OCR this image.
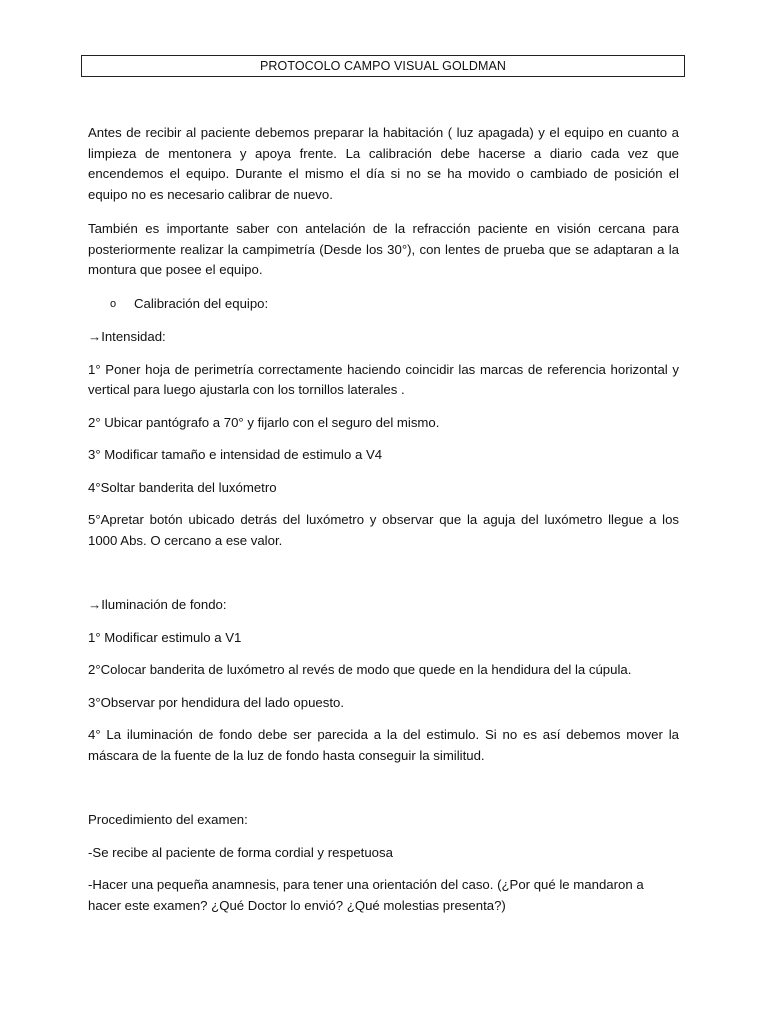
PROTOCOLO CAMPO VISUAL GOLDMAN

Antes de recibir al paciente debemos preparar la habitación ( luz apagada) y el equipo en cuanto a limpieza de mentonera y apoya frente. La calibración debe hacerse a diario cada vez que encendemos el equipo. Durante el mismo el día si no se ha movido o cambiado de posición el equipo no es necesario calibrar de nuevo.

También es importante saber con antelación de la refracción paciente en visión cercana para posteriormente realizar la campimetría (Desde los 30°), con lentes de prueba que se adaptaran a la montura que posee el equipo.

o Calibración del equipo:

→Intensidad:

1° Poner hoja de perimetría correctamente haciendo coincidir las marcas de referencia horizontal y vertical para luego ajustarla con los tornillos laterales .

2° Ubicar pantógrafo a 70° y fijarlo con el seguro del mismo.

3° Modificar tamaño e intensidad de estimulo a V4

4°Soltar banderita del luxómetro

5°Apretar botón ubicado detrás del luxómetro y observar que la aguja del luxómetro llegue a los 1000 Abs. O cercano a ese valor.

→Iluminación de fondo:

1° Modificar estimulo a V1

2°Colocar banderita de luxómetro al revés de modo que quede en la hendidura del la cúpula.

3°Observar por hendidura del lado opuesto.

4° La iluminación de fondo debe ser parecida a la del estimulo. Si no es así debemos mover la máscara de la fuente de la luz de fondo hasta conseguir la similitud.

Procedimiento del examen:

-Se recibe al paciente de forma cordial y respetuosa

-Hacer una pequeña anamnesis, para tener una orientación del caso. (¿Por qué le mandaron a hacer este examen? ¿Qué Doctor lo envió? ¿Qué molestias presenta?)
